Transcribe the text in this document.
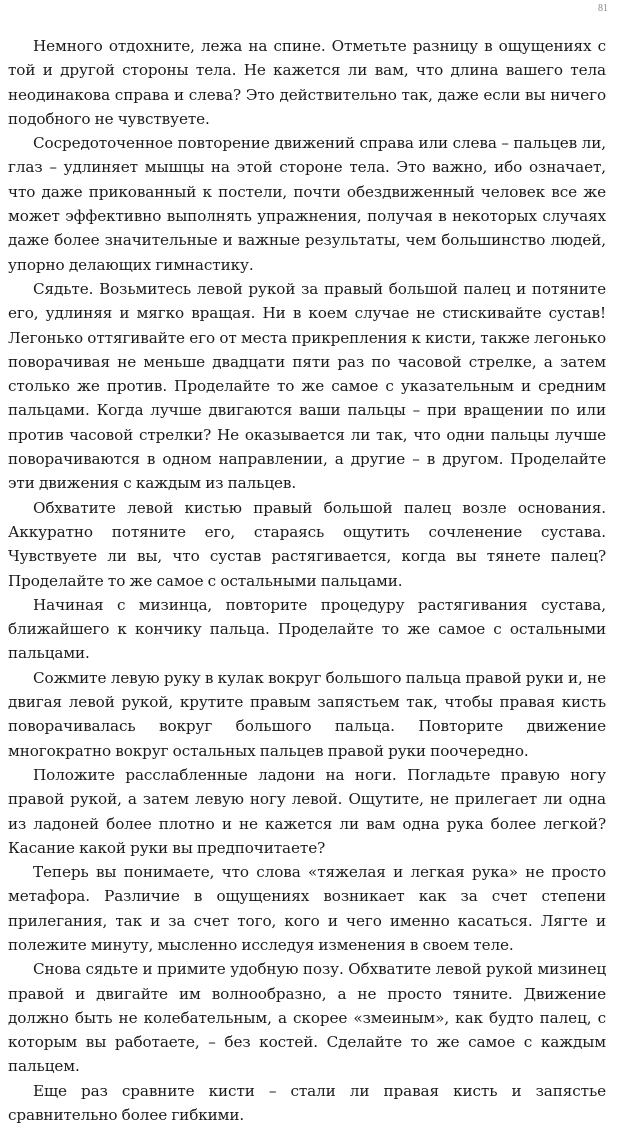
81

Немного отдохните, лежа на спине. Отметьте разницу в ощущениях с той и другой стороны тела. Не кажется ли вам, что длина вашего тела неодинакова справа и слева? Это действительно так, даже если вы ничего подобного не чувствуете.

Сосредоточенное повторение движений справа или слева – пальцев ли, глаз – удлиняет мышцы на этой стороне тела. Это важно, ибо означает, что даже прикованный к постели, почти обездвиженный человек все же может эффективно выполнять упражнения, получая в некоторых случаях даже более значительные и важные результаты, чем большинство людей, упорно делающих гимнастику.

Сядьте. Возьмитесь левой рукой за правый большой палец и потяните его, удлиняя и мягко вращая. Ни в коем случае не стискивайте сустав! Легонько оттягивайте его от места прикрепления к кисти, также легонько поворачивая не меньше двадцати пяти раз по часовой стрелке, а затем столько же против. Проделайте то же самое с указательным и средним пальцами. Когда лучше двигаются ваши пальцы – при вращении по или против часовой стрелки? Не оказывается ли так, что одни пальцы лучше поворачиваются в одном направлении, а другие – в другом. Проделайте эти движения с каждым из пальцев.

Обхватите левой кистью правый большой палец возле основания. Аккуратно потяните его, стараясь ощутить сочленение сустава. Чувствуете ли вы, что сустав растягивается, когда вы тянете палец? Проделайте то же самое с остальными пальцами.

Начиная с мизинца, повторите процедуру растягивания сустава, ближайшего к кончику пальца. Проделайте то же самое с остальными пальцами.

Сожмите левую руку в кулак вокруг большого пальца правой руки и, не двигая левой рукой, крутите правым запястьем так, чтобы правая кисть поворачивалась вокруг большого пальца. Повторите движение многократно вокруг остальных пальцев правой руки поочередно.

Положите расслабленные ладони на ноги. Погладьте правую ногу правой рукой, а затем левую ногу левой. Ощутите, не прилегает ли одна из ладоней более плотно и не кажется ли вам одна рука более легкой? Касание какой руки вы предпочитаете?

Теперь вы понимаете, что слова «тяжелая и легкая рука» не просто метафора. Различие в ощущениях возникает как за счет степени прилегания, так и за счет того, кого и чего именно касаться. Лягте и полежите минуту, мысленно исследуя изменения в своем теле.

Снова сядьте и примите удобную позу. Обхватите левой рукой мизинец правой и двигайте им волнообразно, а не просто тяните. Движение должно быть не колебательным, а скорее «змеиным», как будто палец, с которым вы работаете, – без костей. Сделайте то же самое с каждым пальцем.

Еще раз сравните кисти – стали ли правая кисть и запястье сравнительно более гибкими.
